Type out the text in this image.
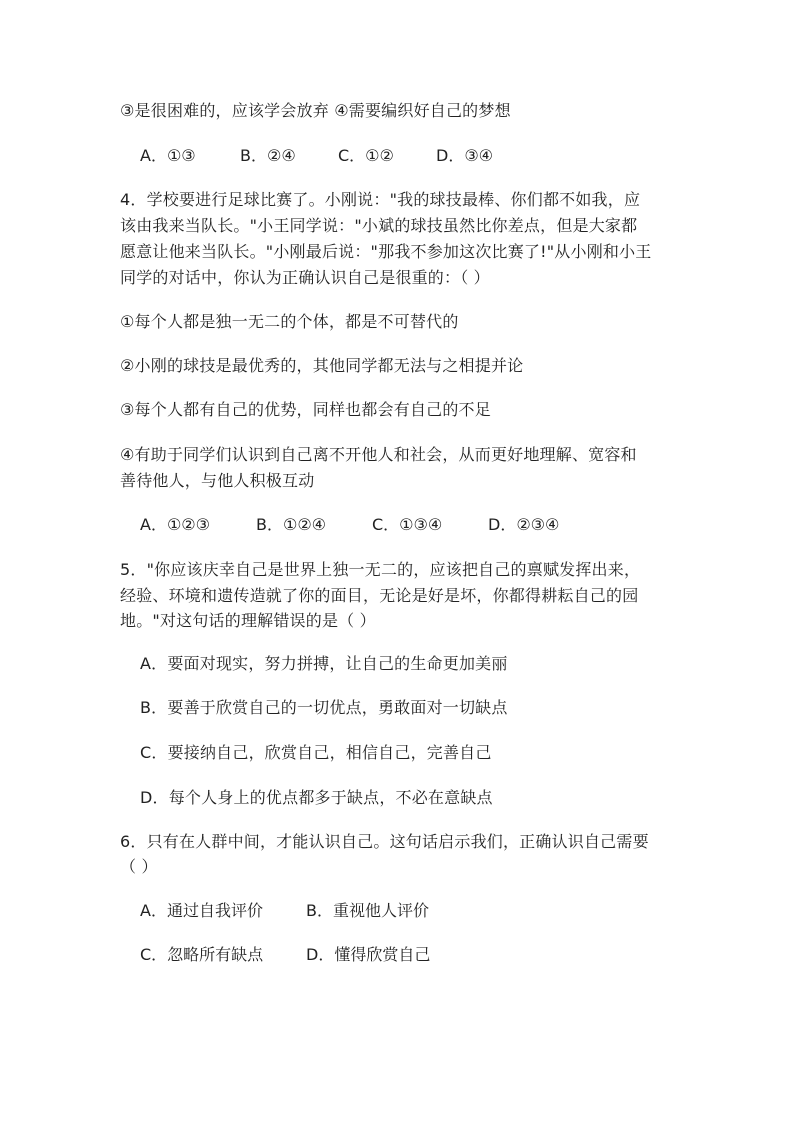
③是很困难的，应该学会放弃 ④需要编织好自己的梦想
A．①③	B．②④	C．①②	D．③④
4．学校要进行足球比赛了。小刚说："我的球技最棒、你们都不如我，应
该由我来当队长。"小王同学说："小斌的球技虽然比你差点，但是大家都
愿意让他来当队长。"小刚最后说："那我不参加这次比赛了!"从小刚和小王
同学的对话中，你认为正确认识自己是很重的：（ ）
①每个人都是独一无二的个体，都是不可替代的
②小刚的球技是最优秀的，其他同学都无法与之相提并论
③每个人都有自己的优势，同样也都会有自己的不足
④有助于同学们认识到自己离不开他人和社会，从而更好地理解、宽容和
善待他人，与他人积极互动
A．①②③	B．①②④	C．①③④	D．②③④
5．"你应该庆幸自己是世界上独一无二的，应该把自己的禀赋发挥出来，
经验、环境和遗传造就了你的面目，无论是好是坏，你都得耕耘自己的园
地。"对这句话的理解错误的是（ ）
A．要面对现实，努力拼搏，让自己的生命更加美丽
B．要善于欣赏自己的一切优点，勇敢面对一切缺点
C．要接纳自己，欣赏自己，相信自己，完善自己
D．每个人身上的优点都多于缺点，不必在意缺点
6．只有在人群中间，才能认识自己。这句话启示我们，正确认识自己需要
（ ）
A．通过自我评价	B．重视他人评价
C．忽略所有缺点	D．懂得欣赏自己
